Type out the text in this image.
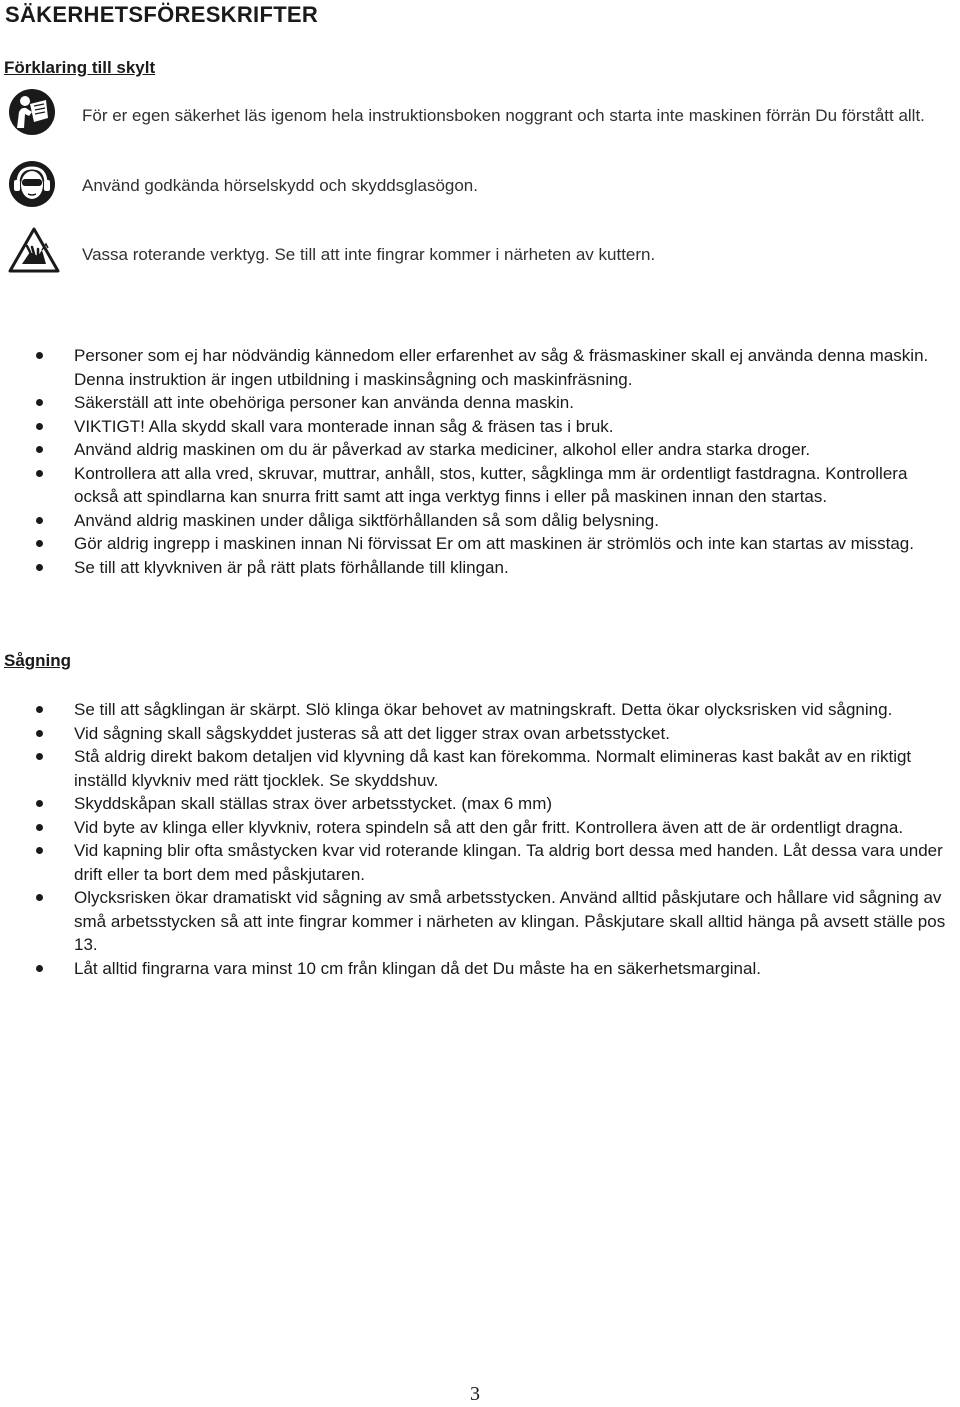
SÄKERHETSFÖRESKRIFTER
Förklaring till skylt
För er egen säkerhet läs igenom hela instruktionsboken noggrant och starta inte maskinen förrän Du förstått allt.
Använd godkända hörselskydd och skyddsglasögon.
Vassa roterande verktyg. Se till att inte fingrar kommer i närheten av kuttern.
Personer som ej har nödvändig kännedom eller erfarenhet av såg & fräsmaskiner skall ej använda denna maskin. Denna instruktion är ingen utbildning i maskinsågning och maskinfräsning.
Säkerställ att inte obehöriga personer kan använda denna maskin.
VIKTIGT! Alla skydd skall vara monterade innan såg & fräsen tas i bruk.
Använd aldrig maskinen om du är påverkad av starka mediciner, alkohol eller andra starka droger.
Kontrollera att alla vred, skruvar, muttrar, anhåll, stos, kutter, sågklinga mm är ordentligt fastdragna. Kontrollera också att spindlarna kan snurra fritt samt att inga verktyg finns i eller på maskinen innan den startas.
Använd aldrig maskinen under dåliga siktförhållanden så som dålig belysning.
Gör aldrig ingrepp i maskinen innan Ni förvissat Er om att maskinen är strömlös och inte kan startas av misstag.
Se till att klyvkniven är på rätt plats förhållande till klingan.
Sågning
Se till att sågklingan är skärpt. Slö klinga ökar behovet av matningskraft. Detta ökar olycksrisken vid sågning.
Vid sågning skall sågskyddet justeras så att det ligger strax ovan arbetsstycket.
Stå aldrig direkt bakom detaljen vid klyvning då kast kan förekomma. Normalt elimineras kast bakåt av en riktigt inställd klyvkniv med rätt tjocklek. Se skyddshuv.
Skyddskåpan skall ställas strax över arbetsstycket. (max 6 mm)
Vid byte av klinga eller klyvkniv, rotera spindeln så att den går fritt. Kontrollera även att de är ordentligt dragna.
Vid kapning blir ofta småstycken kvar vid roterande klingan. Ta aldrig bort dessa med handen. Låt dessa vara under drift eller ta bort dem med påskjutaren.
Olycksrisken ökar dramatiskt vid sågning av små arbetsstycken. Använd alltid påskjutare och hållare vid sågning av små arbetsstycken så att inte fingrar kommer i närheten av klingan. Påskjutare skall alltid hänga på avsett ställe pos 13.
Låt alltid fingrarna vara minst 10 cm från klingan då det Du måste ha en säkerhetsmarginal.
3
